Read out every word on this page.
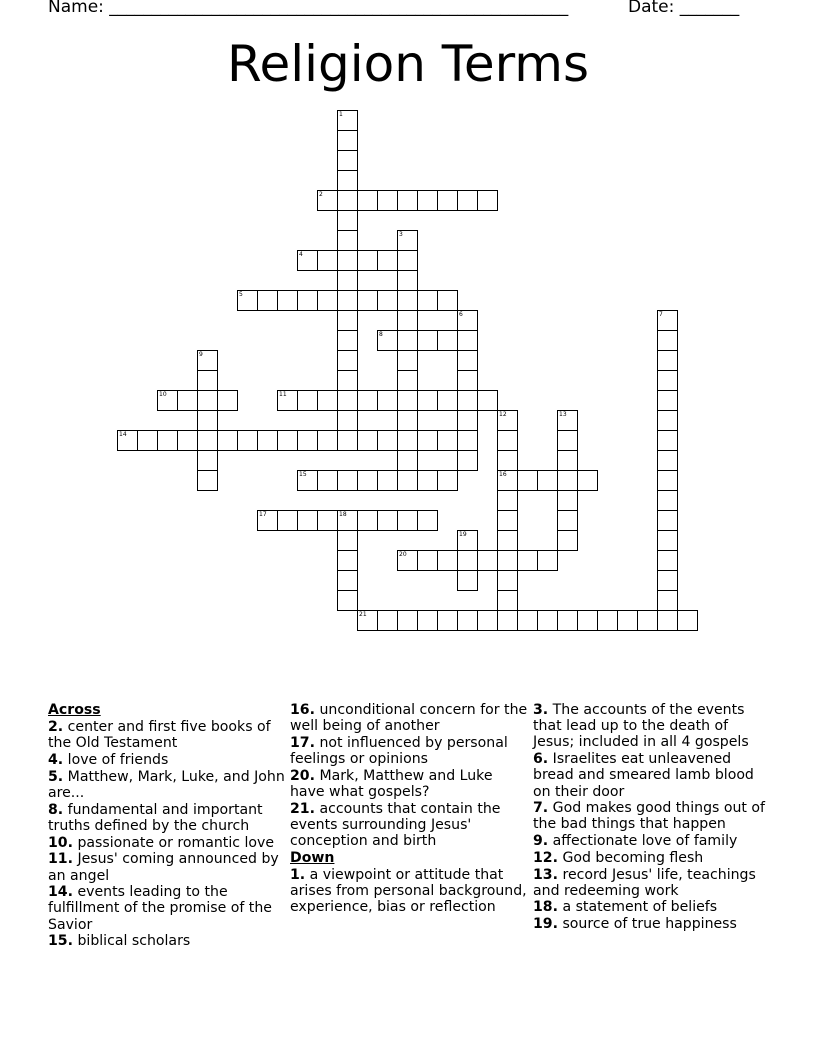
Name: ______________________________________________________	Date: _______
Religion Terms
1
2
3
4
5
6	7
8
9
10	11
12
16
13
14
15
17	18
19
20
21
Across
2. center and first five books of the Old Testament
4. love of friends
5. Matthew, Mark, Luke, and John are...
8. fundamental and important truths defined by the church
10. passionate or romantic love
11. Jesus' coming announced by an angel
14. events leading to the fulfillment of the promise of the Savior
15. biblical scholars
16. unconditional concern for the well being of another
17. not influenced by personal feelings or opinions
20. Mark, Matthew and Luke have what gospels?
21. accounts that contain the events surrounding Jesus' conception and birth
Down
1. a viewpoint or attitude that arises from personal background, experience, bias or reflection
3. The accounts of the events that lead up to the death of Jesus; included in all 4 gospels
6. Israelites eat unleavened bread and smeared lamb blood on their door
7. God makes good things out of the bad things that happen
9. affectionate love of family
12. God becoming flesh
13. record Jesus' life, teachings and redeeming work
18. a statement of beliefs
19. source of true happiness
